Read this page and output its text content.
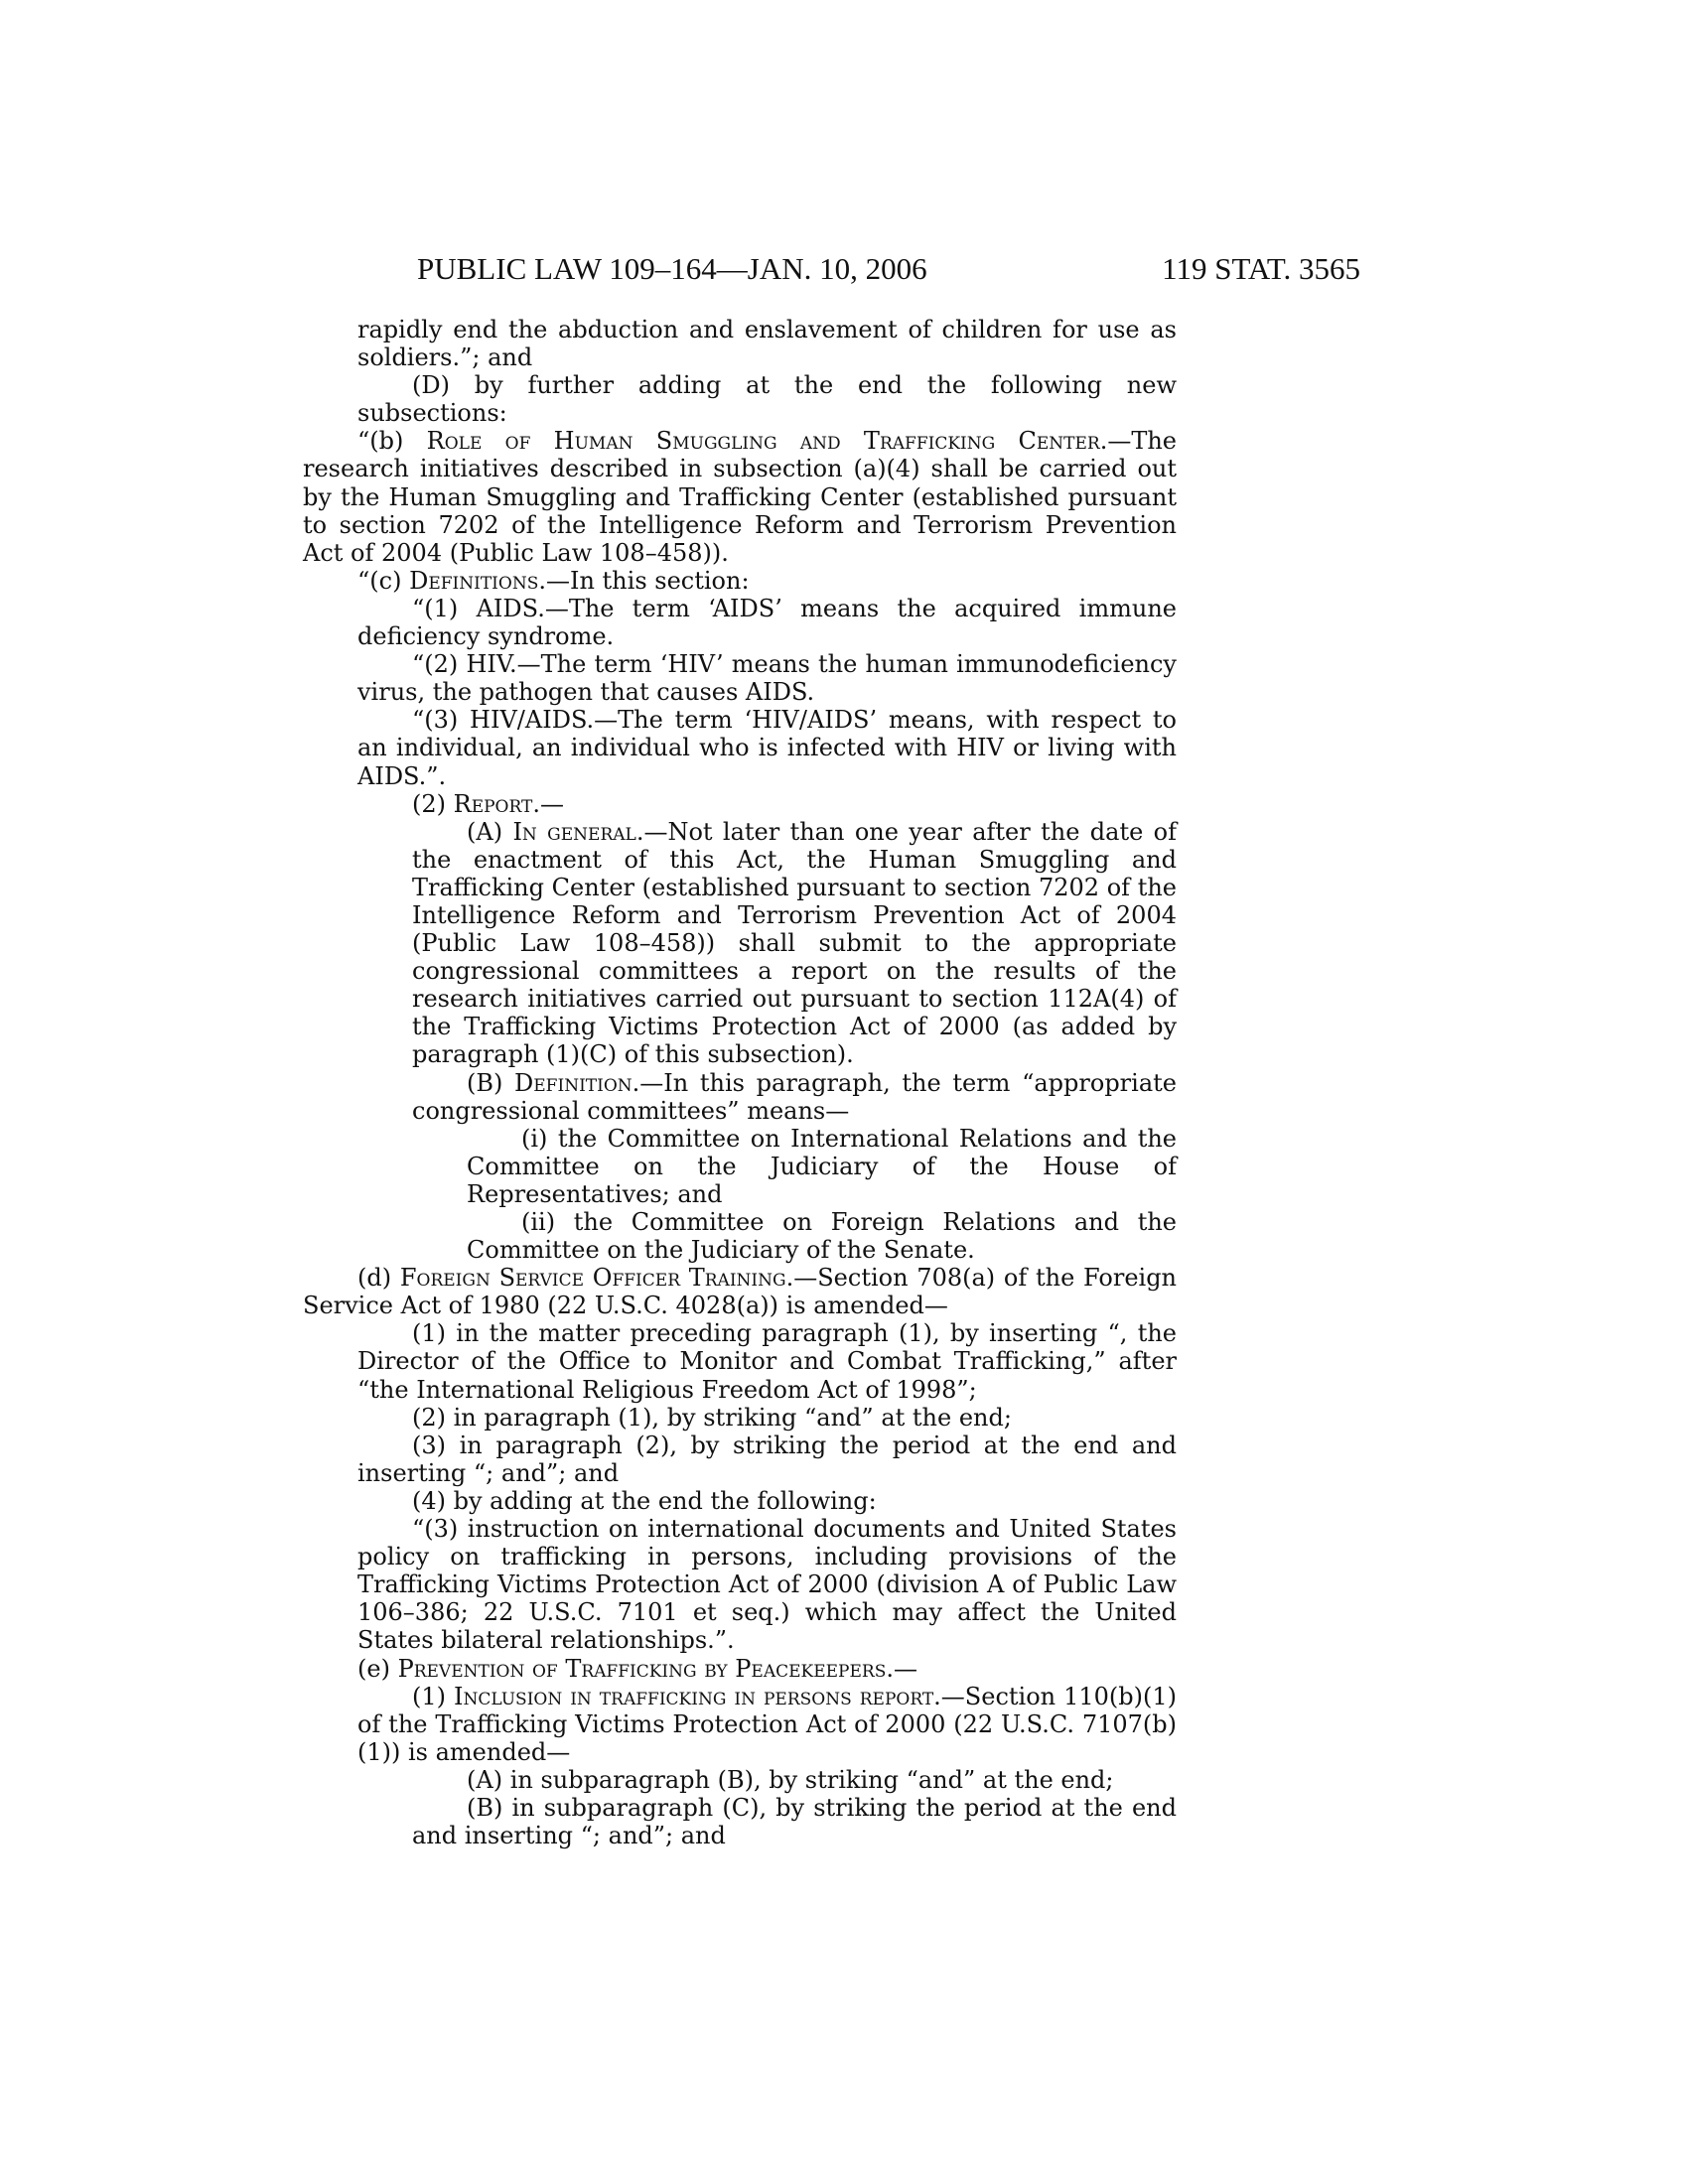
PUBLIC LAW 109–164—JAN. 10, 2006	119 STAT. 3565

rapidly end the abduction and enslavement of children for use as soldiers.”; and

(D) by further adding at the end the following new subsections:

“(b) Role of Human Smuggling and Trafficking Center.—The research initiatives described in subsection (a)(4) shall be carried out by the Human Smuggling and Trafficking Center (established pursuant to section 7202 of the Intelligence Reform and Terrorism Prevention Act of 2004 (Public Law 108–458)).

“(c) Definitions.—In this section:

“(1) AIDS.—The term ‘AIDS’ means the acquired immune deficiency syndrome.

“(2) HIV.—The term ‘HIV’ means the human immunodeficiency virus, the pathogen that causes AIDS.

“(3) HIV/AIDS.—The term ‘HIV/AIDS’ means, with respect to an individual, an individual who is infected with HIV or living with AIDS.”.

(2) Report.—

(A) In general.—Not later than one year after the date of the enactment of this Act, the Human Smuggling and Trafficking Center (established pursuant to section 7202 of the Intelligence Reform and Terrorism Prevention Act of 2004 (Public Law 108–458)) shall submit to the appropriate congressional committees a report on the results of the research initiatives carried out pursuant to section 112A(4) of the Trafficking Victims Protection Act of 2000 (as added by paragraph (1)(C) of this subsection).

(B) Definition.—In this paragraph, the term “appropriate congressional committees” means—

(i) the Committee on International Relations and the Committee on the Judiciary of the House of Representatives; and

(ii) the Committee on Foreign Relations and the Committee on the Judiciary of the Senate.

(d) Foreign Service Officer Training.—Section 708(a) of the Foreign Service Act of 1980 (22 U.S.C. 4028(a)) is amended—

(1) in the matter preceding paragraph (1), by inserting “, the Director of the Office to Monitor and Combat Trafficking,” after “the International Religious Freedom Act of 1998”;

(2) in paragraph (1), by striking “and” at the end;

(3) in paragraph (2), by striking the period at the end and inserting “; and”; and

(4) by adding at the end the following:

“(3) instruction on international documents and United States policy on trafficking in persons, including provisions of the Trafficking Victims Protection Act of 2000 (division A of Public Law 106–386; 22 U.S.C. 7101 et seq.) which may affect the United States bilateral relationships.”.

(e) Prevention of Trafficking by Peacekeepers.—

(1) Inclusion in trafficking in persons report.—Section 110(b)(1) of the Trafficking Victims Protection Act of 2000 (22 U.S.C. 7107(b)(1)) is amended—

(A) in subparagraph (B), by striking “and” at the end;

(B) in subparagraph (C), by striking the period at the end and inserting “; and”; and
